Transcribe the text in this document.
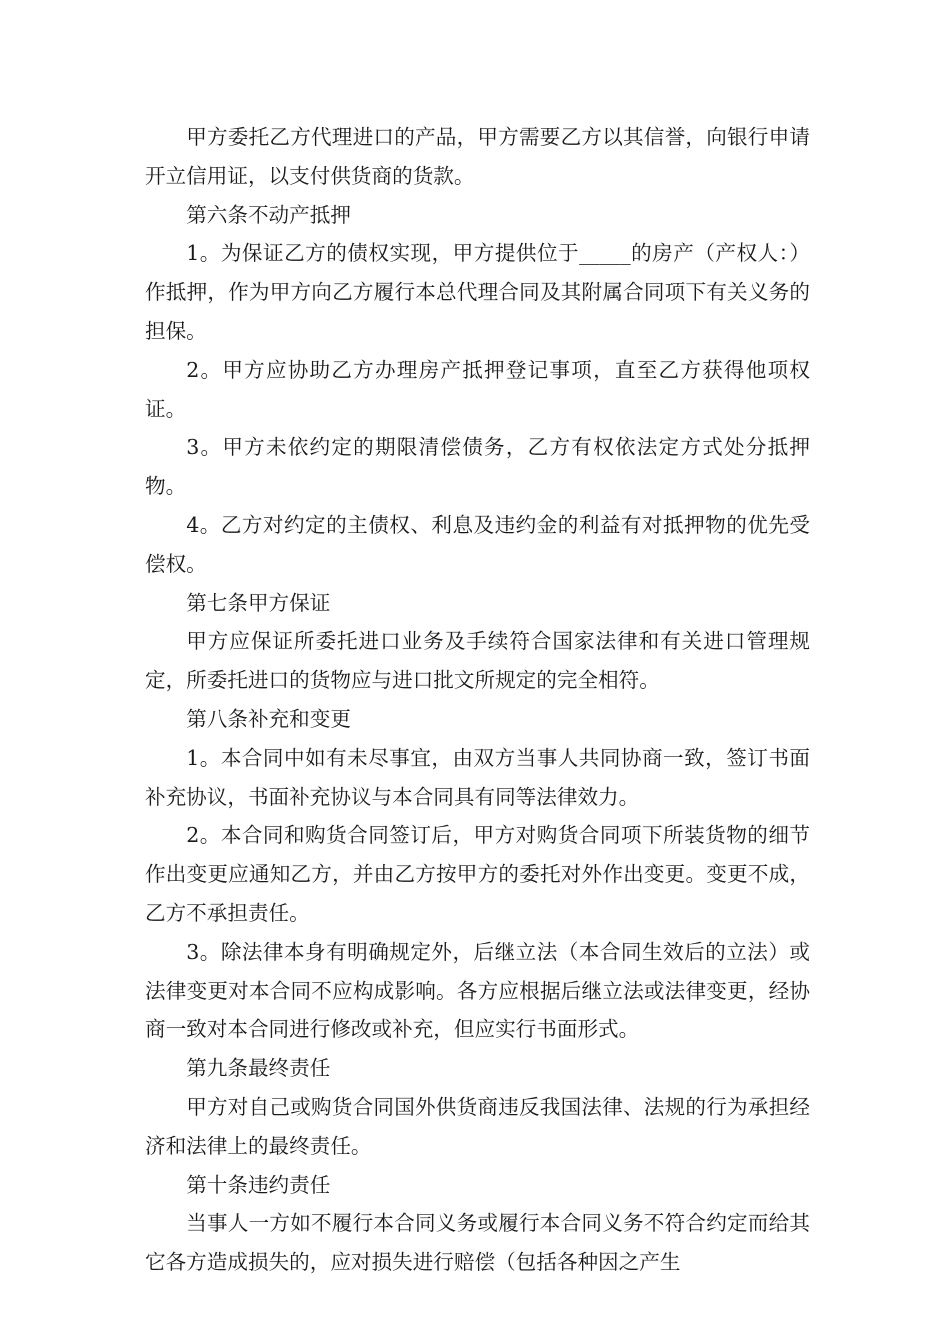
甲方委托乙方代理进口的产品，甲方需要乙方以其信誉，向银行申请开立信用证，以支付供货商的货款。

第六条不动产抵押

1。为保证乙方的债权实现，甲方提供位于_____的房产（产权人：）作抵押，作为甲方向乙方履行本总代理合同及其附属合同项下有关义务的担保。

2。甲方应协助乙方办理房产抵押登记事项，直至乙方获得他项权证。

3。甲方未依约定的期限清偿债务，乙方有权依法定方式处分抵押物。

4。乙方对约定的主债权、利息及违约金的利益有对抵押物的优先受偿权。

第七条甲方保证

甲方应保证所委托进口业务及手续符合国家法律和有关进口管理规定，所委托进口的货物应与进口批文所规定的完全相符。

第八条补充和变更

1。本合同中如有未尽事宜，由双方当事人共同协商一致，签订书面补充协议，书面补充协议与本合同具有同等法律效力。

2。本合同和购货合同签订后，甲方对购货合同项下所装货物的细节作出变更应通知乙方，并由乙方按甲方的委托对外作出变更。变更不成，乙方不承担责任。

3。除法律本身有明确规定外，后继立法（本合同生效后的立法）或法律变更对本合同不应构成影响。各方应根据后继立法或法律变更，经协商一致对本合同进行修改或补充，但应实行书面形式。

第九条最终责任

甲方对自己或购货合同国外供货商违反我国法律、法规的行为承担经济和法律上的最终责任。

第十条违约责任

当事人一方如不履行本合同义务或履行本合同义务不符合约定而给其它各方造成损失的，应对损失进行赔偿（包括各种因之产生
